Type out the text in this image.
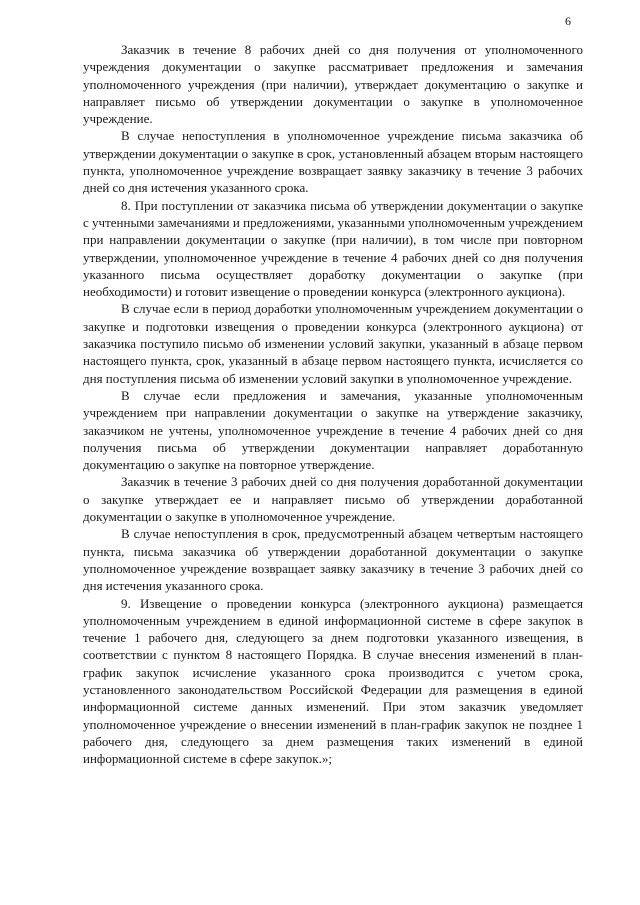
6

Заказчик в течение 8 рабочих дней со дня получения от уполномоченного учреждения документации о закупке рассматривает предложения и замечания уполномоченного учреждения (при наличии), утверждает документацию о закупке и направляет письмо об утверждении документации о закупке в уполномоченное учреждение.

В случае непоступления в уполномоченное учреждение письма заказчика об утверждении документации о закупке в срок, установленный абзацем вторым настоящего пункта, уполномоченное учреждение возвращает заявку заказчику в течение 3 рабочих дней со дня истечения указанного срока.

8. При поступлении от заказчика письма об утверждении документации о закупке с учтенными замечаниями и предложениями, указанными уполномоченным учреждением при направлении документации о закупке (при наличии), в том числе при повторном утверждении, уполномоченное учреждение в течение 4 рабочих дней со дня получения указанного письма осуществляет доработку документации о закупке (при необходимости) и готовит извещение о проведении конкурса (электронного аукциона).

В случае если в период доработки уполномоченным учреждением документации о закупке и подготовки извещения о проведении конкурса (электронного аукциона) от заказчика поступило письмо об изменении условий закупки, указанный в абзаце первом настоящего пункта, срок, указанный в абзаце первом настоящего пункта, исчисляется со дня поступления письма об изменении условий закупки в уполномоченное учреждение.

В случае если предложения и замечания, указанные уполномоченным учреждением при направлении документации о закупке на утверждение заказчику, заказчиком не учтены, уполномоченное учреждение в течение 4 рабочих дней со дня получения письма об утверждении документации направляет доработанную документацию о закупке на повторное утверждение.

Заказчик в течение 3 рабочих дней со дня получения доработанной документации о закупке утверждает ее и направляет письмо об утверждении доработанной документации о закупке в уполномоченное учреждение.

В случае непоступления в срок, предусмотренный абзацем четвертым настоящего пункта, письма заказчика об утверждении доработанной документации о закупке уполномоченное учреждение возвращает заявку заказчику в течение 3 рабочих дней со дня истечения указанного срока.

9. Извещение о проведении конкурса (электронного аукциона) размещается уполномоченным учреждением в единой информационной системе в сфере закупок в течение 1 рабочего дня, следующего за днем подготовки указанного извещения, в соответствии с пунктом 8 настоящего Порядка. В случае внесения изменений в план-график закупок исчисление указанного срока производится с учетом срока, установленного законодательством Российской Федерации для размещения в единой информационной системе данных изменений. При этом заказчик уведомляет уполномоченное учреждение о внесении изменений в план-график закупок не позднее 1 рабочего дня, следующего за днем размещения таких изменений в единой информационной системе в сфере закупок.»;
